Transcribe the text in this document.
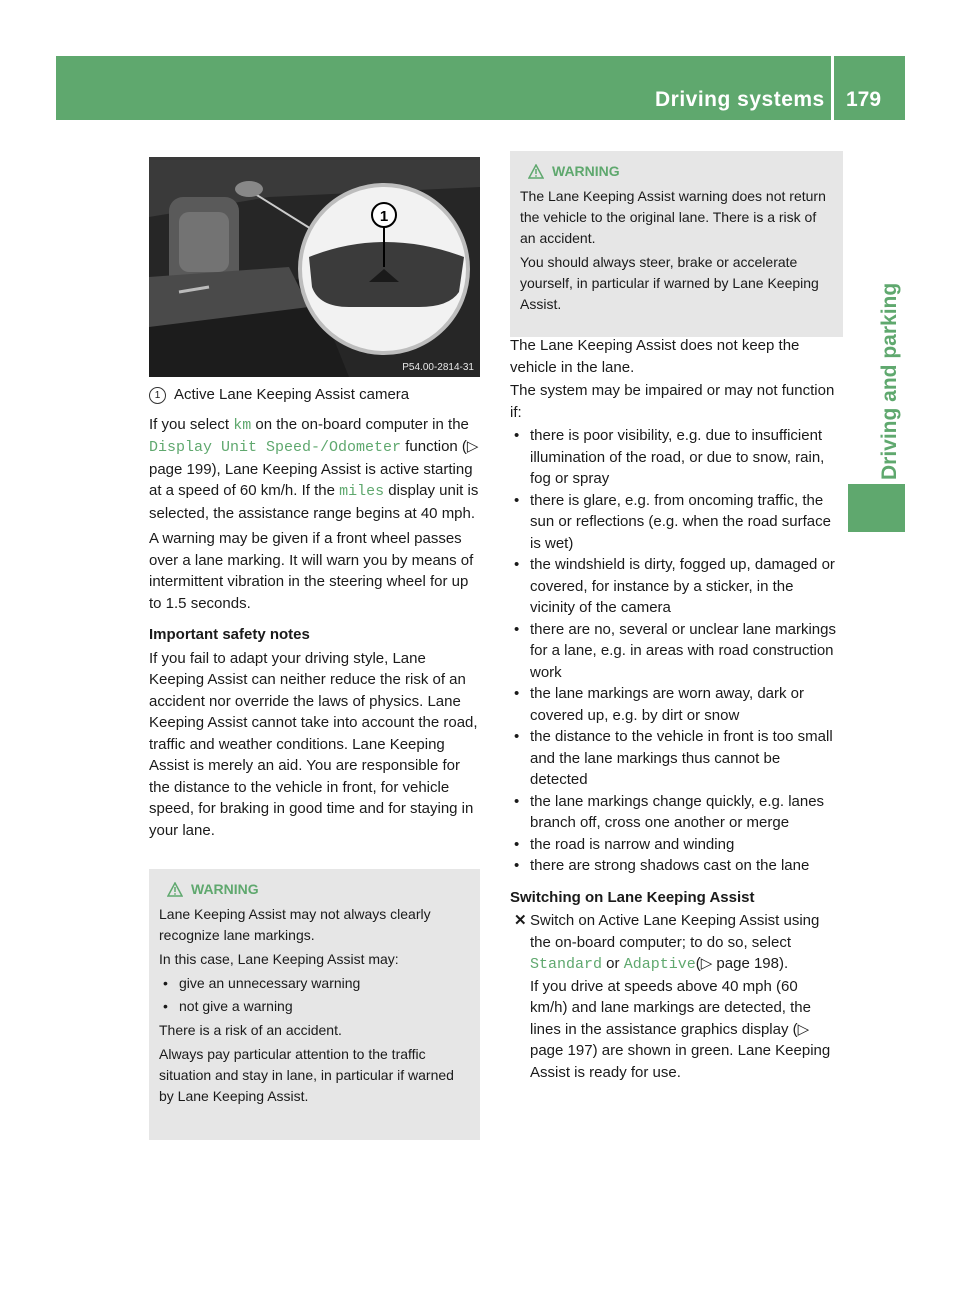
Driving systems 179
Driving and parking
1
P54.00-2814-31

1 Active Lane Keeping Assist camera

If you select km on the on-board computer in the Display Unit Speed-/Odometer function (▷ page 199), Lane Keeping Assist is active starting at a speed of 60 km/h. If the miles display unit is selected, the assistance range begins at 40 mph.

A warning may be given if a front wheel passes over a lane marking. It will warn you by means of intermittent vibration in the steering wheel for up to 1.5 seconds.

Important safety notes

If you fail to adapt your driving style, Lane Keeping Assist can neither reduce the risk of an accident nor override the laws of physics. Lane Keeping Assist cannot take into account the road, traffic and weather conditions. Lane Keeping Assist is merely an aid. You are responsible for the distance to the vehicle in front, for vehicle speed, for braking in good time and for staying in your lane.

WARNING

Lane Keeping Assist may not always clearly recognize lane markings.

In this case, Lane Keeping Assist may:

• give an unnecessary warning
• not give a warning

There is a risk of an accident.

Always pay particular attention to the traffic situation and stay in lane, in particular if warned by Lane Keeping Assist.

WARNING

The Lane Keeping Assist warning does not return the vehicle to the original lane. There is a risk of an accident.

You should always steer, brake or accelerate yourself, in particular if warned by Lane Keeping Assist.

The Lane Keeping Assist does not keep the vehicle in the lane.

The system may be impaired or may not function if:

• there is poor visibility, e.g. due to insufficient illumination of the road, or due to snow, rain, fog or spray
• there is glare, e.g. from oncoming traffic, the sun or reflections (e.g. when the road surface is wet)
• the windshield is dirty, fogged up, damaged or covered, for instance by a sticker, in the vicinity of the camera
• there are no, several or unclear lane markings for a lane, e.g. in areas with road construction work
• the lane markings are worn away, dark or covered up, e.g. by dirt or snow
• the distance to the vehicle in front is too small and the lane markings thus cannot be detected
• the lane markings change quickly, e.g. lanes branch off, cross one another or merge
• the road is narrow and winding
• there are strong shadows cast on the lane

Switching on Lane Keeping Assist

✕ Switch on Active Lane Keeping Assist using the on-board computer; to do so, select Standard or Adaptive(▷ page 198).
If you drive at speeds above 40 mph (60 km/h) and lane markings are detected, the lines in the assistance graphics display (▷ page 197) are shown in green. Lane Keeping Assist is ready for use.
